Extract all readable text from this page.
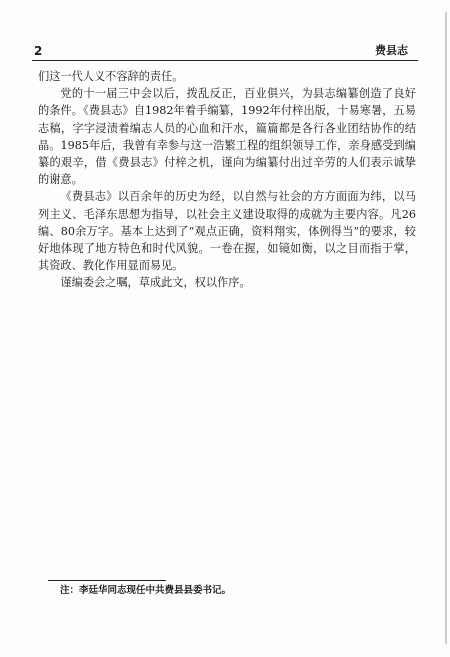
2	费县志

们这一代人义不容辞的责任。

党的十一届三中会以后，拨乱反正，百业俱兴，为县志编纂创造了良好的条件。《费县志》自1982年着手编纂，1992年付梓出版，十易寒暑，五易志稿，字字浸渍着编志人员的心血和汗水，篇篇都是各行各业团结协作的结晶。1985年后，我曾有幸参与这一浩繁工程的组织领导工作，亲身感受到编纂的艰辛，借《费县志》付梓之机，谨向为编纂付出过辛劳的人们表示诚挚的谢意。

《费县志》以百余年的历史为经，以自然与社会的方方面面为纬，以马列主义、毛泽东思想为指导，以社会主义建设取得的成就为主要内容。凡26编、80余万字。基本上达到了“观点正确，资料翔实，体例得当”的要求，较好地体现了地方特色和时代风貌。一卷在握，如镜如衡，以之目而指于掌，其资政、教化作用显而易见。

谨编委会之嘱，草成此文，权以作序。

注：李廷华同志现任中共费县县委书记。
